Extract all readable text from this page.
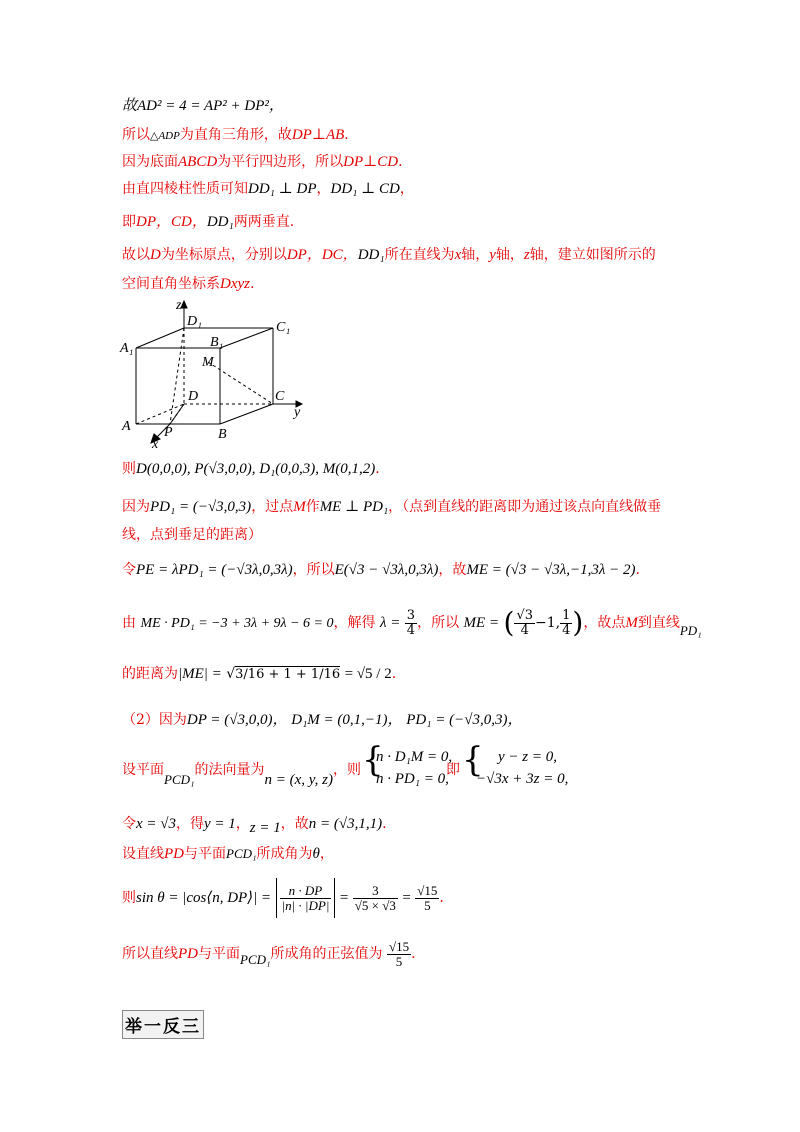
故AD² = 4 = AP² + DP²，
所以△ADP为直角三角形，故DP⊥AB.
因为底面ABCD为平行四边形，所以DP⊥CD.
由直四棱柱性质可知DD₁ ⊥ DP，DD₁ ⊥ CD，
即DP，CD，DD₁两两垂直.
故以D为坐标原点，分别以DP，DC，DD₁所在直线为x轴，y轴，z轴，建立如图所示的
空间直角坐标系Dxyz.
z
D₁	C₁
A₁	B₁
M
D	C
y
A P	B
x
则D(0,0,0), P(√3,0,0), D₁(0,0,3), M(0,1,2).
因为PD₁ = (−√3,0,3)，过点M作ME ⊥ PD₁，（点到直线的距离即为通过该点向直线做垂
线，点到垂足的距离）
令PE = λPD₁ = (−√3λ,0,3λ)，所以E(√3 − √3λ,0,3λ)，故ME = (√3 − √3λ,−1,3λ − 2).
由 ME · PD₁ = −3 + 3λ + 9λ − 6 = 0，解得 $\lambda = \frac{3}{4}$ ，所以 ME = ( $\frac{√3}{4} -1$, $\frac{1}{4}$ )，故点M到直线PD₁
的距离为|ME| = √3/16 + 1 + 1/16 = √5 / 2.
（2）因为DP = (√3,0,0)， D₁M = (0,1,−1)， PD₁ = (−√3,0,3)，
设平面PCD₁的法向量为n = (x, y, z)，则 {
n · D₁M = 0,
n · PD₁ = 0,
即 { y − z = 0,
−√3x + 3z = 0,
令x = √3，得y = 1，z = 1，故n = (√3,1,1).
设直线PD与平面PCD₁所成角为θ，
则sin θ = |cos⟨n, DP⟩| = $\frac{n \cdot DP}{|n| \cdot |DP|} = \frac{3}{√5 \times √3} = \frac{√15}{5}$ .
所以直线PD与平面PCD₁所成角的正弦值为 $\frac{√15}{5}$ .
举一反三
